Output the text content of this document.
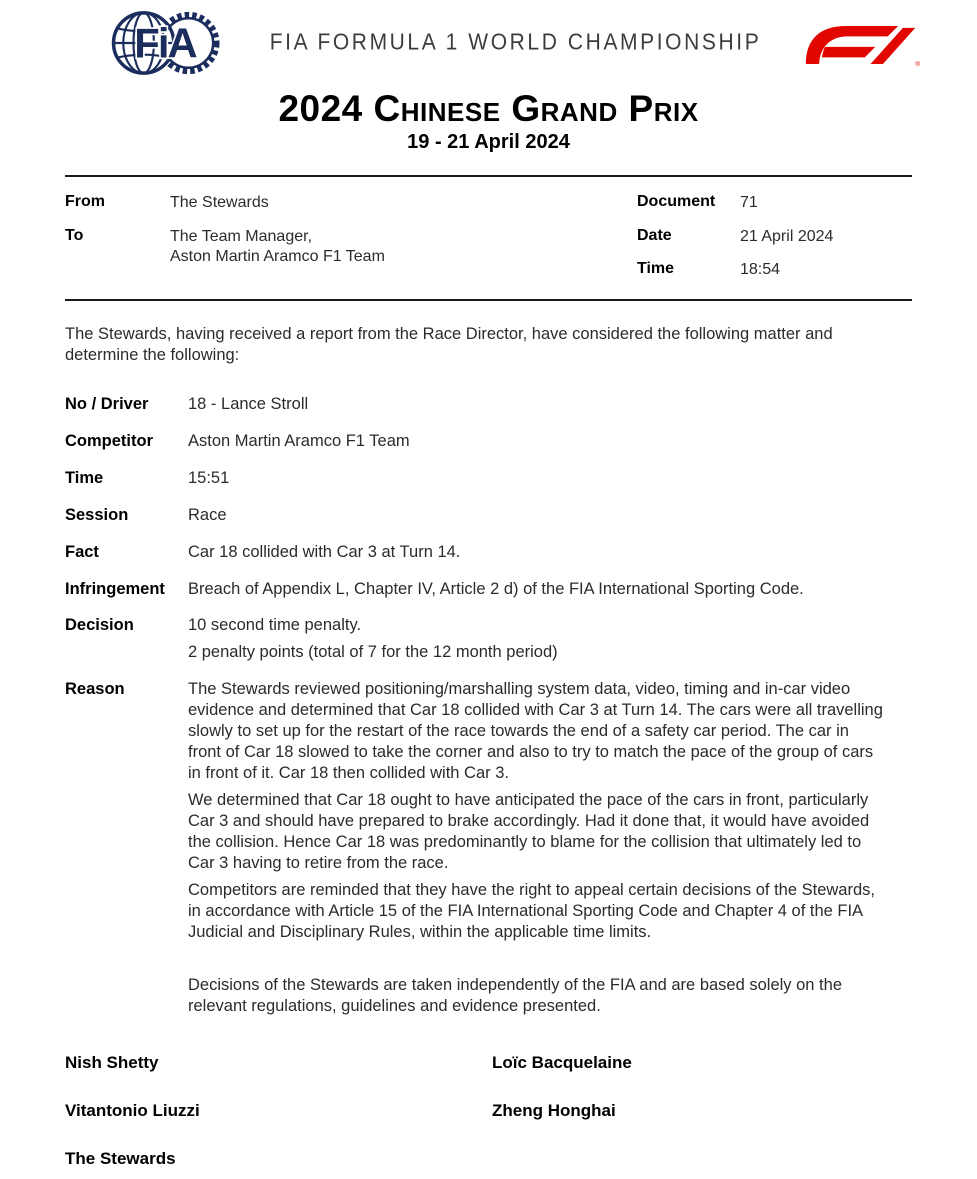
FiA	FIA FORMULA 1 WORLD CHAMPIONSHIP
®
2024 Chinese Grand Prix
19 - 21 April 2024
From	The Stewards
To	The Team Manager,
Aston Martin Aramco F1 Team
Document	71
Date	21 April 2024
Time	18:54

The Stewards, having received a report from the Race Director, have considered the following matter and determine the following:

No / Driver	18 - Lance Stroll
Competitor	Aston Martin Aramco F1 Team
Time	15:51
Session	Race
Fact	Car 18 collided with Car 3 at Turn 14.
Infringement	Breach of Appendix L, Chapter IV, Article 2 d) of the FIA International Sporting Code.
Decision	10 second time penalty.

2 penalty points (total of 7 for the 12 month period)

Reason	The Stewards reviewed positioning/marshalling system data, video, timing and in-car video evidence and determined that Car 18 collided with Car 3 at Turn 14. The cars were all travelling slowly to set up for the restart of the race towards the end of a safety car period. The car in front of Car 18 slowed to take the corner and also to try to match the pace of the group of cars in front of it. Car 18 then collided with Car 3.

We determined that Car 18 ought to have anticipated the pace of the cars in front, particularly Car 3 and should have prepared to brake accordingly. Had it done that, it would have avoided the collision. Hence Car 18 was predominantly to blame for the collision that ultimately led to Car 3 having to retire from the race.

Competitors are reminded that they have the right to appeal certain decisions of the Stewards, in accordance with Article 15 of the FIA International Sporting Code and Chapter 4 of the FIA Judicial and Disciplinary Rules, within the applicable time limits.

Decisions of the Stewards are taken independently of the FIA and are based solely on the relevant regulations, guidelines and evidence presented.

Nish Shetty	Loïc Bacquelaine
Vitantonio Liuzzi	Zheng Honghai
The Stewards
